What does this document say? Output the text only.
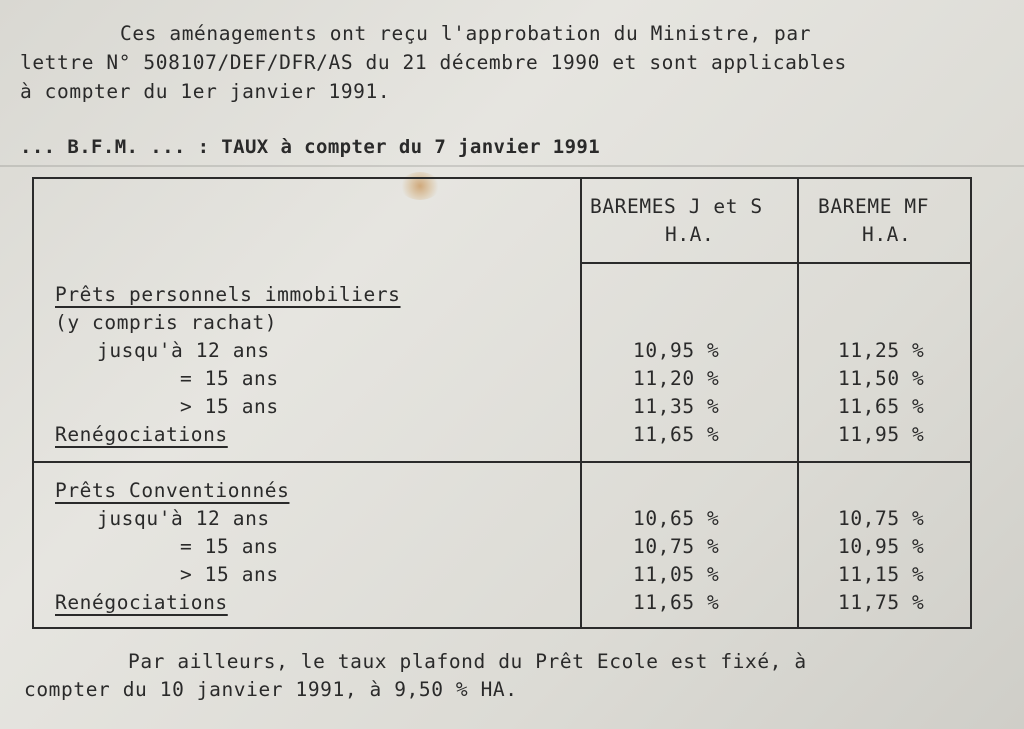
Ces aménagements ont reçu l'approbation du Ministre, par
lettre N° 508107/DEF/DFR/AS du 21 décembre 1990 et sont applicables
à compter du 1er janvier 1991.
... B.F.M. ... : TAUX à compter du 7 janvier 1991
BAREMES J et S
H.A.
BAREME MF
H.A.
Prêts personnels immobiliers
(y compris rachat)
jusqu'à 12 ans
= 15 ans
> 15 ans
Renégociations
10,95 %
11,20 %
11,35 %
11,65 %
11,25 %
11,50 %
11,65 %
11,95 %
Prêts Conventionnés
jusqu'à 12 ans
= 15 ans
> 15 ans
Renégociations
10,65 %
10,75 %
11,05 %
11,65 %
10,75 %
10,95 %
11,15 %
11,75 %
Par ailleurs, le taux plafond du Prêt Ecole est fixé, à
compter du 10 janvier 1991, à 9,50 % HA.
